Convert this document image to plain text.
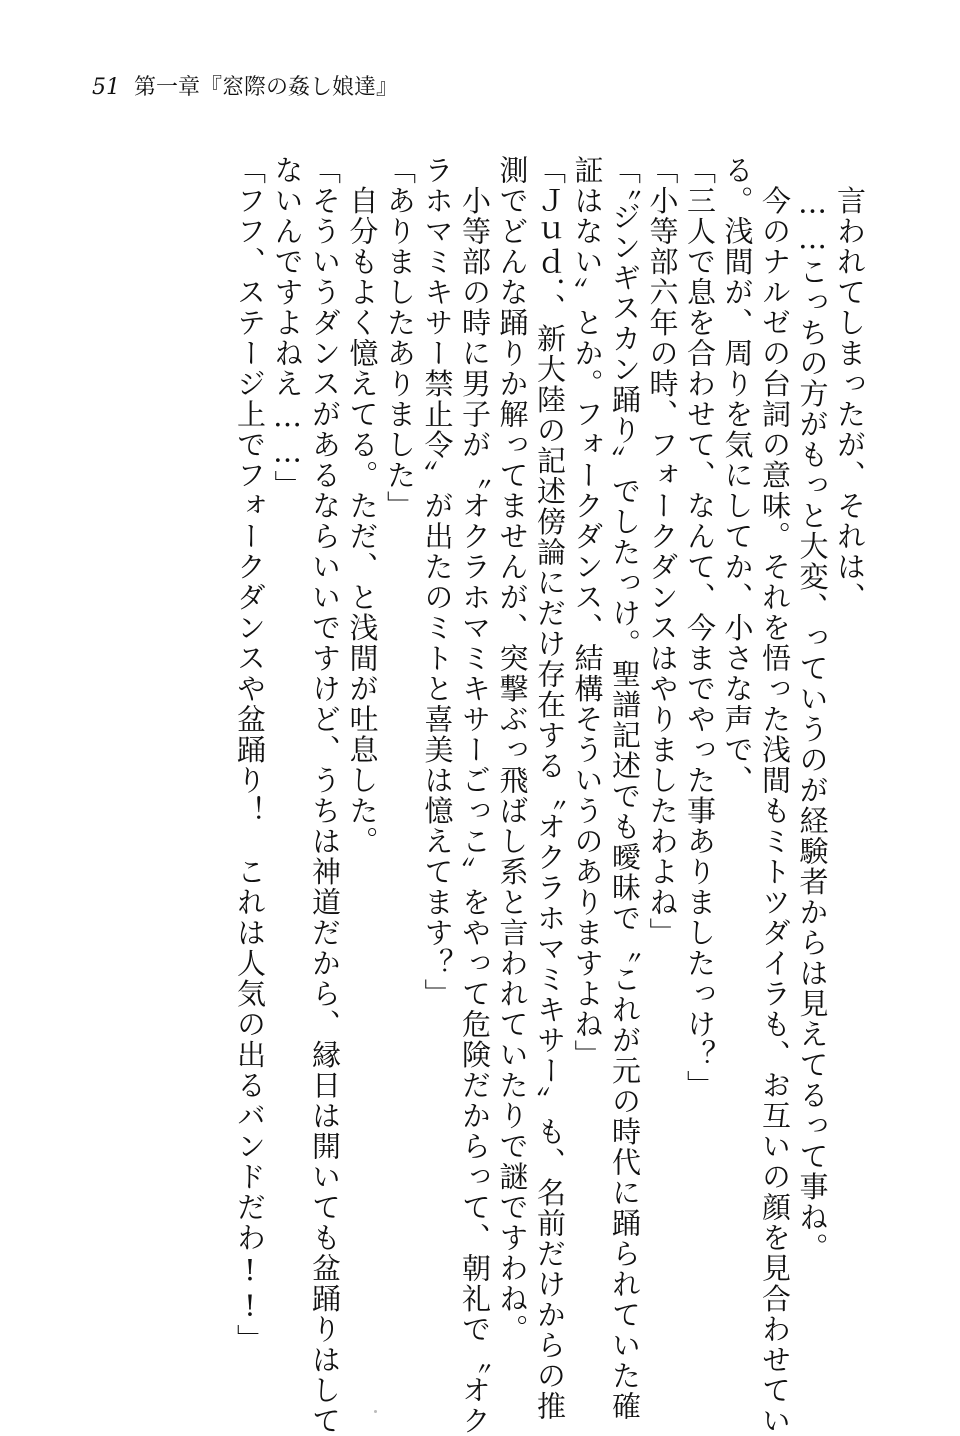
51 第一章『窓際の姦し娘達』
　言われてしまったが、それは、
　……こっちの方がもっと大変、っていうのが経験者からは見えてるって事ね。
　今のナルゼの台詞の意味。それを悟った浅間もミトツダイラも、お互いの顔を見合わせてい
る。浅間が、周りを気にしてか、小さな声で、
「三人で息を合わせて、なんて、今までやった事ありましたっけ？」
「小等部六年の時、フォークダンスはやりましたわよね」
「〝ジンギスカン踊り〟でしたっけ。聖譜記述でも曖昧で〝これが元の時代に踊られていた確
証はない〟とか。フォークダンス、結構そういうのありますよね」
「Ｊｕｄ．、新大陸の記述傍論にだけ存在する〝オクラホマミキサー〟も、名前だけからの推
測でどんな踊りか解ってませんが、突撃ぶっ飛ばし系と言われていたりで謎ですわね。
　小等部の時に男子が〝オクラホマミキサーごっこ〟をやって危険だからって、朝礼で〝オク
ラホマミキサー禁止令〟が出たのミトと喜美は憶えてます？」
「ありましたありました」
　自分もよく憶えてる。ただ、と浅間が吐息した。
「そういうダンスがあるならいいですけど、うちは神道だから、縁日は開いても盆踊りはして
ないんですよねえ……」
「フフ、ステージ上でフォークダンスや盆踊り！　これは人気の出るバンドだわ!!」
